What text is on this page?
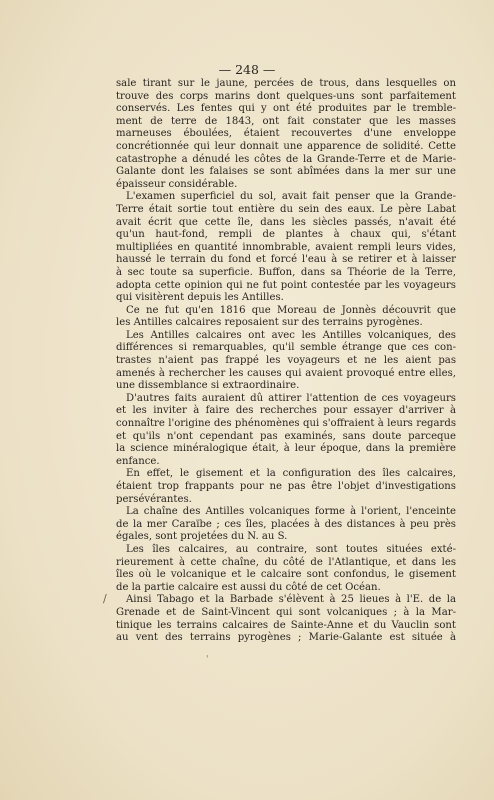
— 248 —
sale tirant sur le jaune, percées de trous, dans lesquelles on
trouve des corps marins dont quelques-uns sont parfaitement
conservés. Les fentes qui y ont été produites par le tremble-
ment de terre de 1843, ont fait constater que les masses
marneuses éboulées, étaient recouvertes d'une enveloppe
concrétionnée qui leur donnait une apparence de solidité. Cette
catastrophe a dénudé les côtes de la Grande-Terre et de Marie-
Galante dont les falaises se sont abîmées dans la mer sur une
épaisseur considérable.
L'examen superficiel du sol, avait fait penser que la Grande-
Terre était sortie tout entière du sein des eaux. Le père Labat
avait écrit que cette île, dans les siècles passés, n'avait été
qu'un haut-fond, rempli de plantes à chaux qui, s'étant
multipliées en quantité innombrable, avaient rempli leurs vides,
haussé le terrain du fond et forcé l'eau à se retirer et à laisser
à sec toute sa superficie. Buffon, dans sa Théorie de la Terre,
adopta cette opinion qui ne fut point contestée par les voyageurs
qui visitèrent depuis les Antilles.
Ce ne fut qu'en 1816 que Moreau de Jonnès découvrit que
les Antilles calcaires reposaient sur des terrains pyrogènes.
Les Antilles calcaires ont avec les Antilles volcaniques, des
différences si remarquables, qu'il semble étrange que ces con-
trastes n'aient pas frappé les voyageurs et ne les aient pas
amenés à rechercher les causes qui avaient provoqué entre elles,
une dissemblance si extraordinaire.
D'autres faits auraient dû attirer l'attention de ces voyageurs
et les inviter à faire des recherches pour essayer d'arriver à
connaître l'origine des phénomènes qui s'offraient à leurs regards
et qu'ils n'ont cependant pas examinés, sans doute parceque
la science minéralogique était, à leur époque, dans la première
enfance.
En effet, le gisement et la configuration des îles calcaires,
étaient trop frappants pour ne pas être l'objet d'investigations
persévérantes.
La chaîne des Antilles volcaniques forme à l'orient, l'enceinte
de la mer Caraïbe ; ces îles, placées à des distances à peu près
égales, sont projetées du N. au S.
Les îles calcaires, au contraire, sont toutes situées exté-
rieurement à cette chaîne, du côté de l'Atlantique, et dans les
îles où le volcanique et le calcaire sont confondus, le gisement
de la partie calcaire est aussi du côté de cet Océan.
Ainsi Tabago et la Barbade s'élèvent à 25 lieues à l'E. de la
Grenade et de Saint-Vincent qui sont volcaniques ; à la Mar-
tinique les terrains calcaires de Sainte-Anne et du Vauclin sont
au vent des terrains pyrogènes ; Marie-Galante est située à
/
'
